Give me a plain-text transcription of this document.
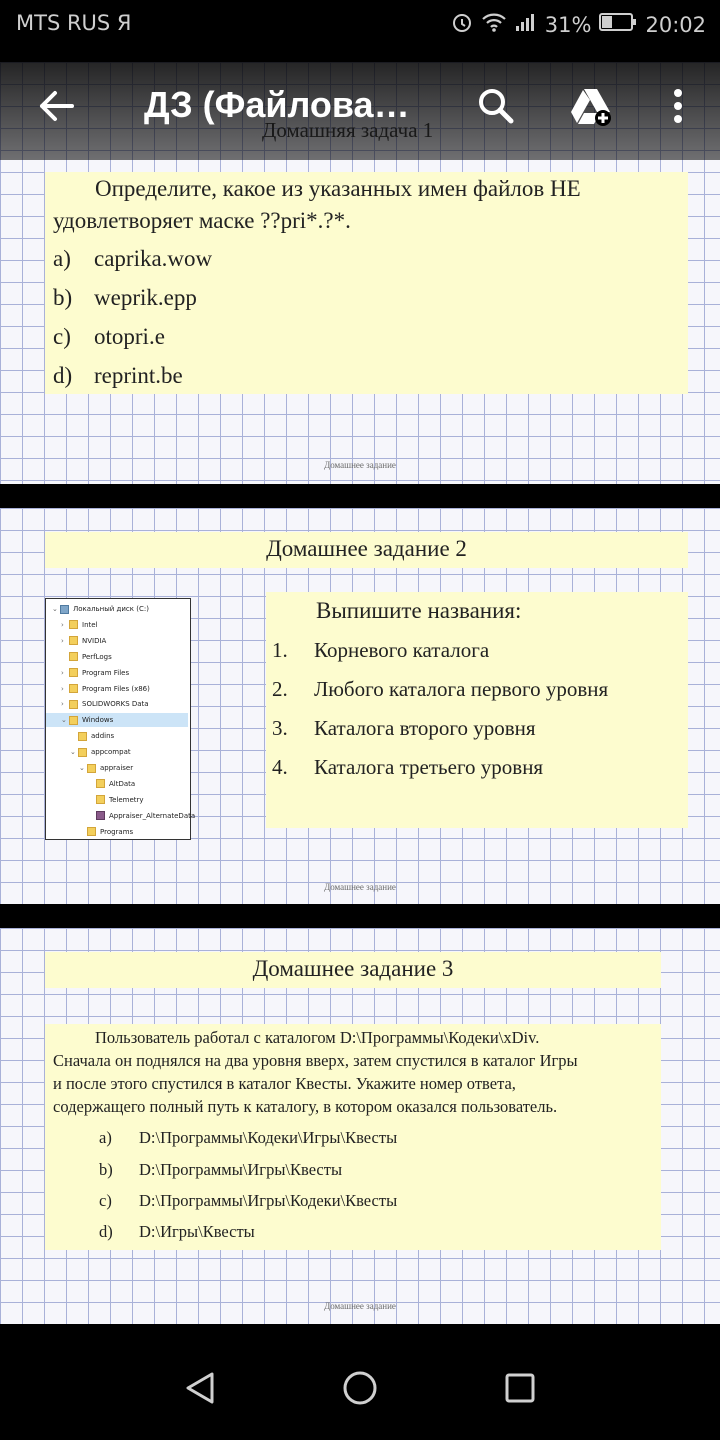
MTS RUS Я	31%	20:02
Определите, какое из указанных имен файлов НЕ
удовлетворяет маске ??pri*.?*.
a) caprika.wow
b) weprik.epp
c) otopri.e
d) reprint.be
Домашнее задание
ДЗ (Файлова…
Домашнее задание 2
⌄	Локальный диск (C:)
›	Intel
›	NVIDIA
PerfLogs
›	Program Files
›	Program Files (x86)
›	SOLIDWORKS Data
⌄	Windows
addins
⌄	appcompat
⌄	appraiser
AltData
Telemetry
Appraiser_AlternateData
Programs
Выпишите названия:
1. Корневого каталога
2. Любого каталога первого уровня
3. Каталога второго уровня
4. Каталога третьего уровня
Домашнее задание
Домашнее задание 3
Пользователь работал с каталогом D:\Программы\Кодеки\xDiv.
Сначала он поднялся на два уровня вверх, затем спустился в каталог Игры
и после этого спустился в каталог Квесты. Укажите номер ответа,
содержащего полный путь к каталогу, в котором оказался пользователь.
a) D:\Программы\Кодеки\Игры\Квесты
b) D:\Программы\Игры\Квесты
c) D:\Программы\Игры\Кодеки\Квесты
d) D:\Игры\Квесты
Домашнее задание
